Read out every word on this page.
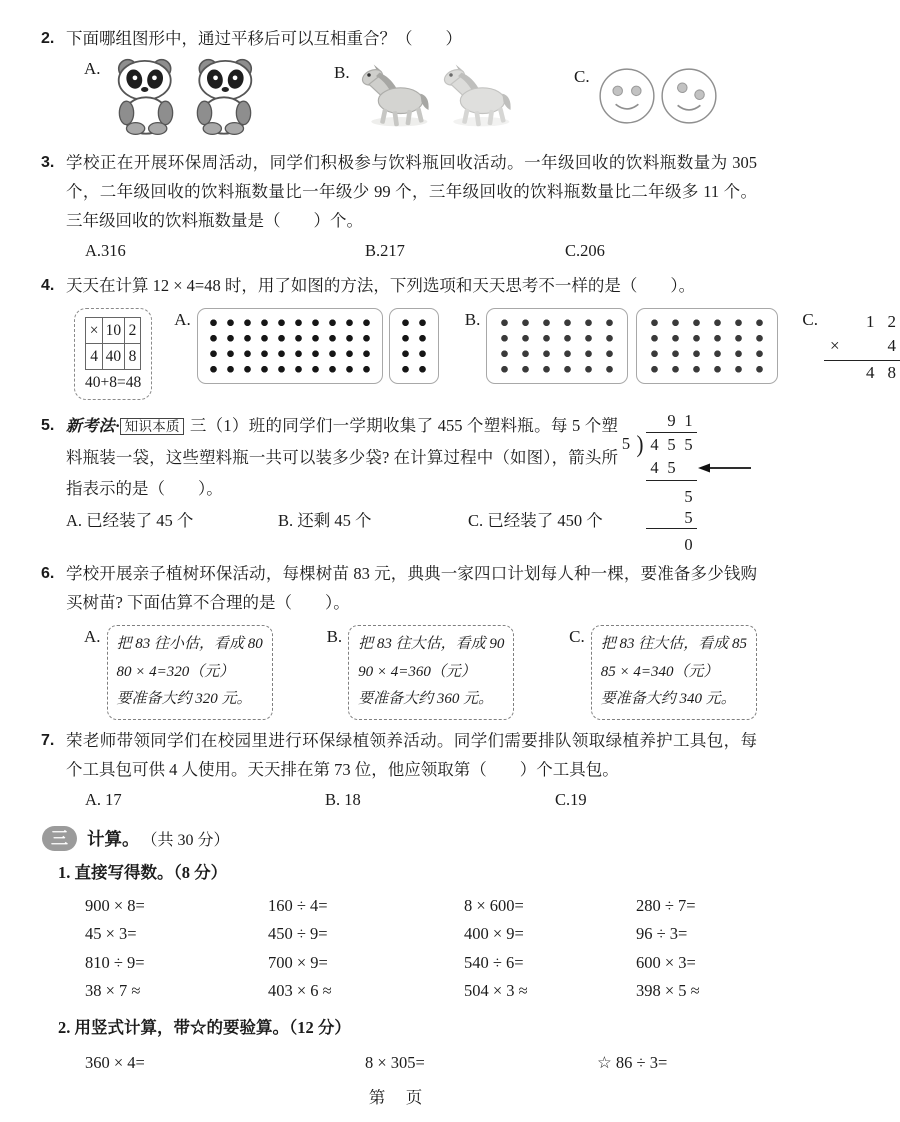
2. 下面哪组图形中，通过平移后可以互相重合？（　　）

A.	B.	C.

3. 学校正在开展环保周活动，同学们积极参与饮料瓶回收活动。一年级回收的饮料瓶数量为 305 个，二年级回收的饮料瓶数量比一年级少 99 个，三年级回收的饮料瓶数量比二年级多 11 个。三年级回收的饮料瓶数量是（　　）个。

A.316	B.217	C.206

4. 天天在计算 12 × 4=48 时，用了如图的方法，下列选项和天天思考不一样的是（　　）。

×	10	2
4	40	8
40+8=48
A.	B.	C.	1 2
×	4
4 8

5. 新考法· 知识本质 三（1）班的同学们一学期收集了 455 个塑料瓶。每 5 个塑料瓶装一袋，这些塑料瓶一共可以装多少袋? 在计算过程中（如图），箭头所指表示的是（　　）。

A. 已经装了 45 个	B. 还剩 45 个	C. 已经装了 450 个
9 1
5 ) 4 5 5
4 5
5
5
0

6. 学校开展亲子植树环保活动，每棵树苗 83 元，典典一家四口计划每人种一棵，要准备多少钱购买树苗? 下面估算不合理的是（　　）。

A. 把 83 往小估，看成 80
80 × 4=320（元）
要准备大约 320 元。
B. 把 83 往大估，看成 90
90 × 4=360（元）
要准备大约 360 元。
C. 把 83 往大估，看成 85
85 × 4=340（元）
要准备大约 340 元。

7. 荣老师带领同学们在校园里进行环保绿植领养活动。同学们需要排队领取绿植养护工具包，每个工具包可供 4 人使用。天天排在第 73 位，他应领取第（　　）个工具包。

A. 17	B. 18	C.19
三	计算。 （共 30 分）
1. 直接写得数。（8 分）
900 × 8=	160 ÷ 4=	8 × 600=	280 ÷ 7=
45 × 3=	450 ÷ 9=	400 × 9=	96 ÷ 3=
810 ÷ 9=	700 × 9=	540 ÷ 6=	600 × 3=
38 × 7 ≈	403 × 6 ≈	504 × 3 ≈	398 × 5 ≈
2. 用竖式计算，带☆的要验算。（12 分）
360 × 4=	8 × 305=	☆ 86 ÷ 3=
第　页
